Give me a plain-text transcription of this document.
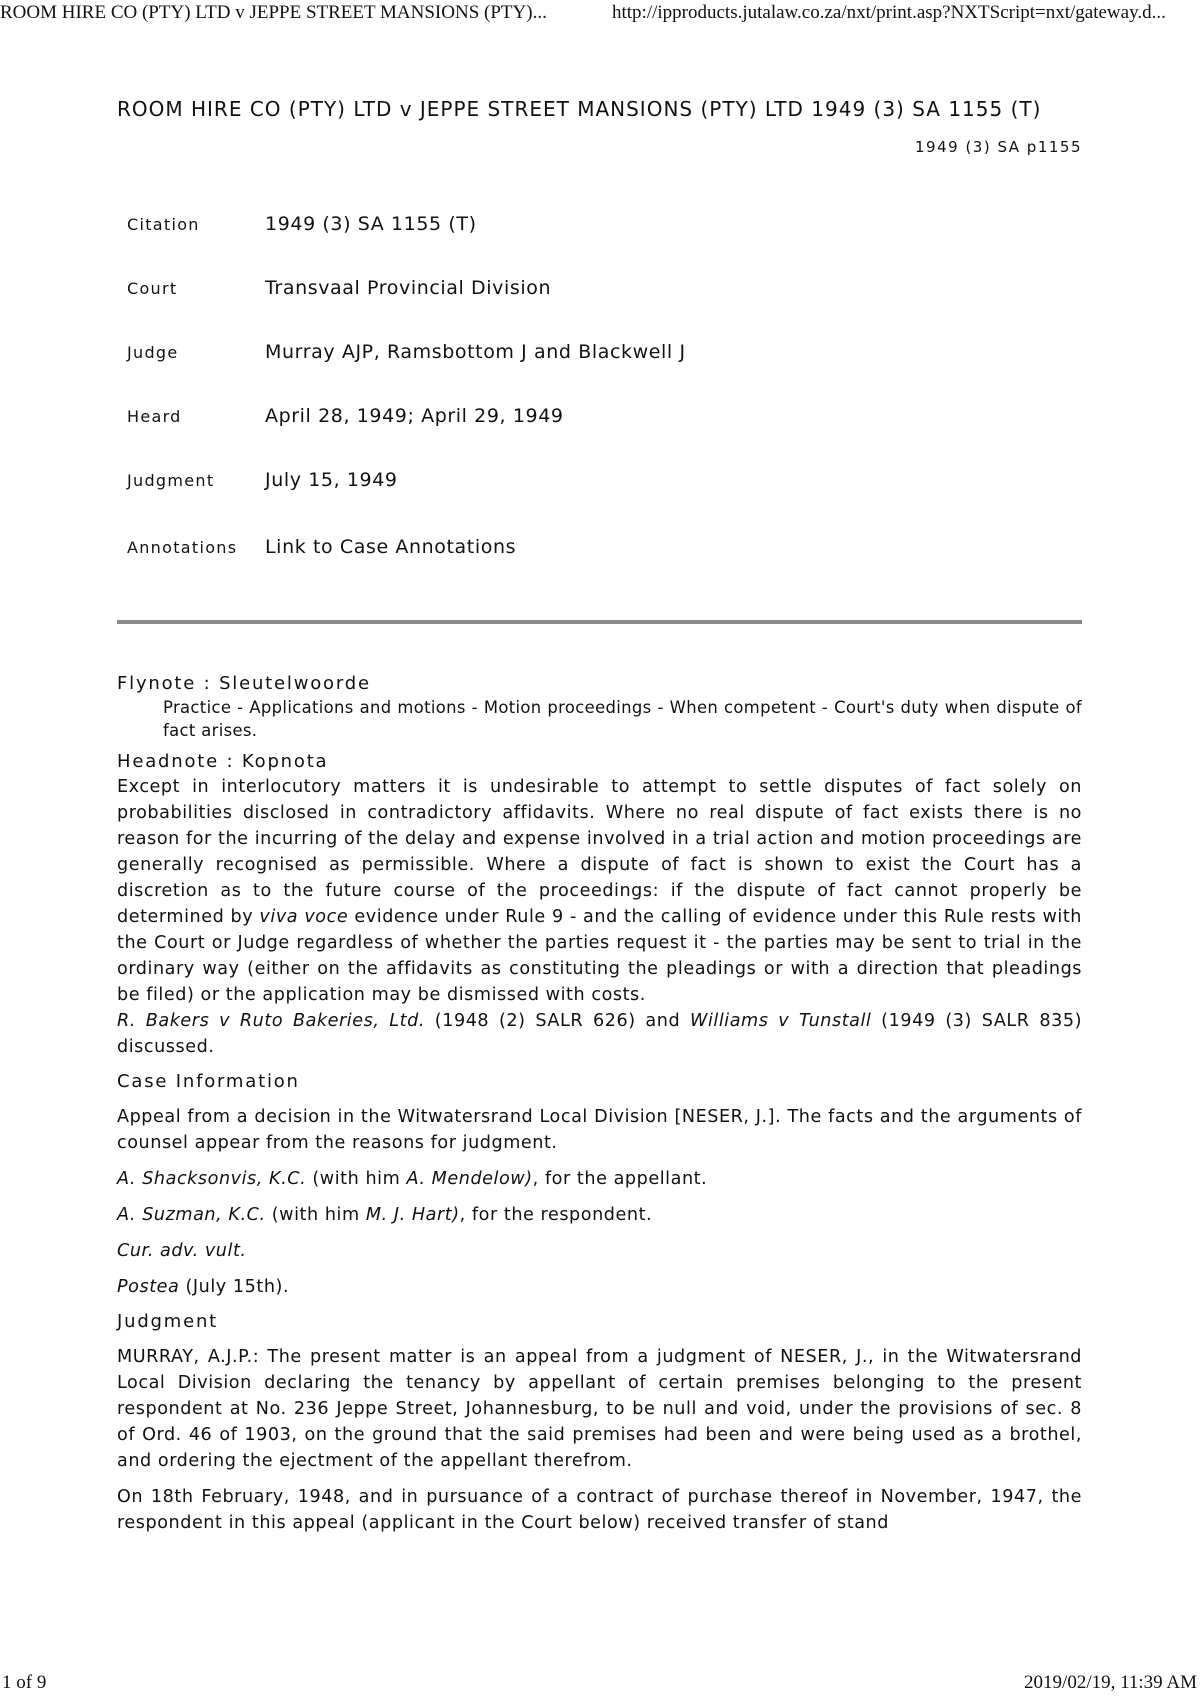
ROOM HIRE CO (PTY) LTD v JEPPE STREET MANSIONS (PTY)...	http://ipproducts.jutalaw.co.za/nxt/print.asp?NXTScript=nxt/gateway.d...
ROOM HIRE CO (PTY) LTD v JEPPE STREET MANSIONS (PTY) LTD 1949 (3) SA 1155 (T)
1949 (3) SA p1155
Citation	1949 (3) SA 1155 (T)
Court	Transvaal Provincial Division
Judge	Murray AJP, Ramsbottom J and Blackwell J
Heard	April 28, 1949; April 29, 1949
Judgment	July 15, 1949
Annotations	Link to Case Annotations
Flynote : Sleutelwoorde
Practice - Applications and motions - Motion proceedings - When competent - Court's duty when dispute of fact arises.
Headnote : Kopnota

Except in interlocutory matters it is undesirable to attempt to settle disputes of fact solely on probabilities disclosed in contradictory affidavits. Where no real dispute of fact exists there is no reason for the incurring of the delay and expense involved in a trial action and motion proceedings are generally recognised as permissible. Where a dispute of fact is shown to exist the Court has a discretion as to the future course of the proceedings: if the dispute of fact cannot properly be determined by viva voce evidence under Rule 9 - and the calling of evidence under this Rule rests with the Court or Judge regardless of whether the parties request it - the parties may be sent to trial in the ordinary way (either on the affidavits as constituting the pleadings or with a direction that pleadings be filed) or the application may be dismissed with costs.

R. Bakers v Ruto Bakeries, Ltd. (1948 (2) SALR 626) and Williams v Tunstall (1949 (3) SALR 835) discussed.

Case Information

Appeal from a decision in the Witwatersrand Local Division [NESER, J.]. The facts and the arguments of counsel appear from the reasons for judgment.

A. Shacksonvis, K.C. (with him A. Mendelow), for the appellant.

A. Suzman, K.C. (with him M. J. Hart), for the respondent.

Cur. adv. vult.

Postea (July 15th).

Judgment

MURRAY, A.J.P.: The present matter is an appeal from a judgment of NESER, J., in the Witwatersrand Local Division declaring the tenancy by appellant of certain premises belonging to the present respondent at No. 236 Jeppe Street, Johannesburg, to be null and void, under the provisions of sec. 8 of Ord. 46 of 1903, on the ground that the said premises had been and were being used as a brothel, and ordering the ejectment of the appellant therefrom.

On 18th February, 1948, and in pursuance of a contract of purchase thereof in November, 1947, the respondent in this appeal (applicant in the Court below) received transfer of stand

1 of 9	2019/02/19, 11:39 AM
